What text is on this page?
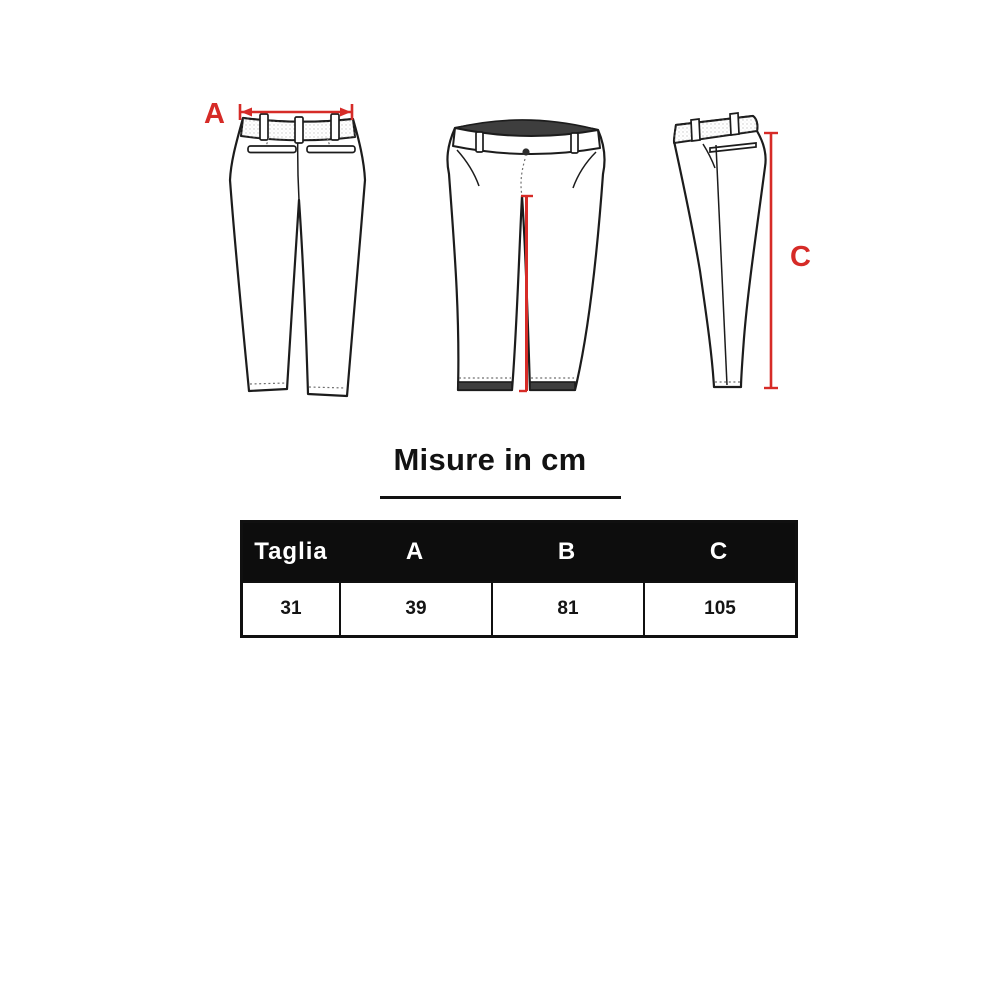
A
C
Misure in cm
Taglia	A	B	C
31	39	81	105
